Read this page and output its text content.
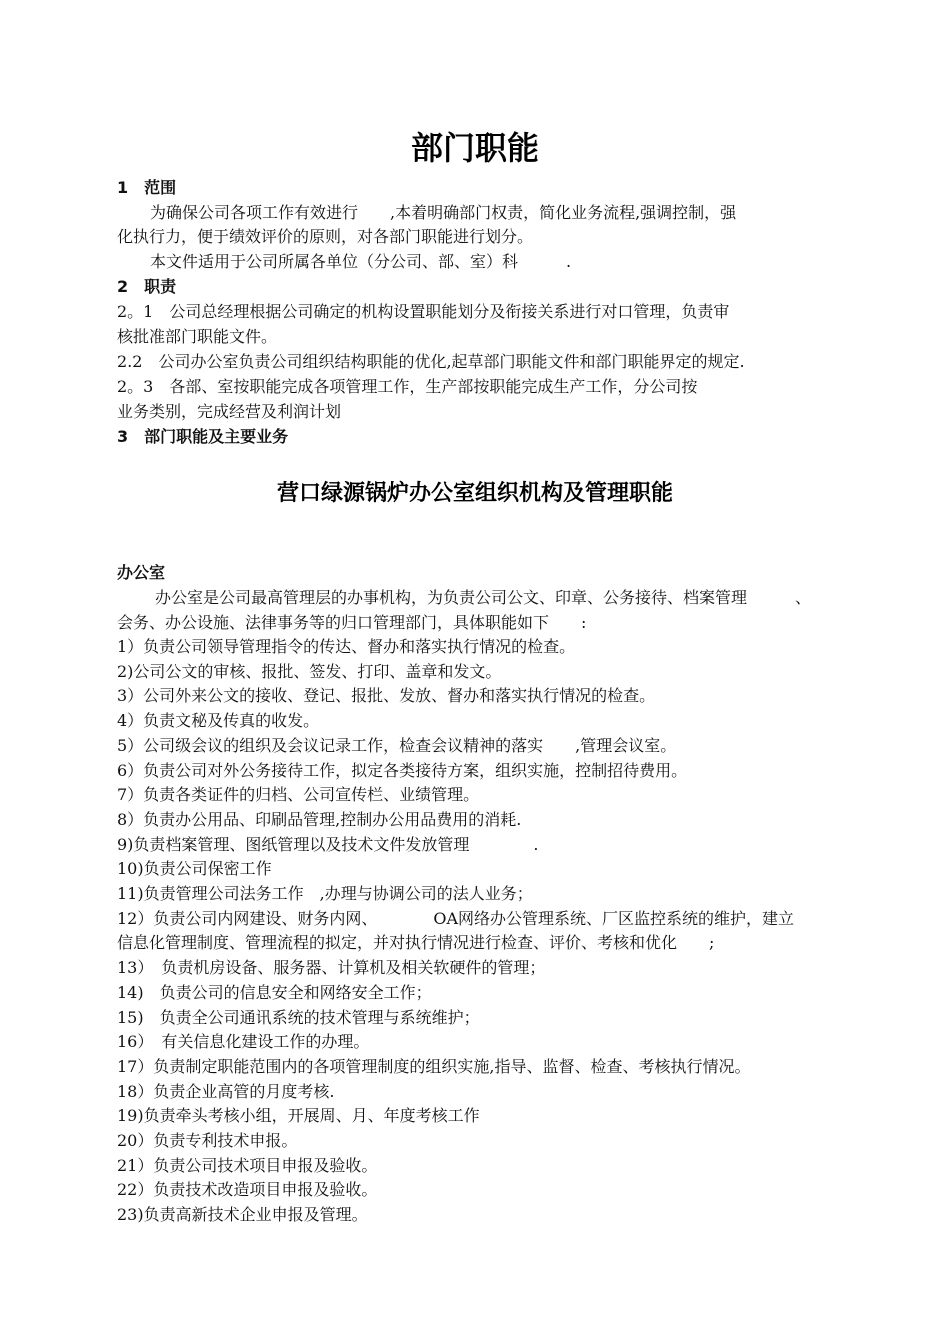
部门职能
1　范围
为确保公司各项工作有效进行　　,本着明确部门权责，简化业务流程,强调控制，强
化执行力，便于绩效评价的原则，对各部门职能进行划分。
本文件适用于公司所属各单位（分公司、部、室）科　　　.
2　职责
2。1　公司总经理根据公司确定的机构设置职能划分及衔接关系进行对口管理，负责审
核批准部门职能文件。
2.2　公司办公室负责公司组织结构职能的优化,起草部门职能文件和部门职能界定的规定.
2。3　各部、室按职能完成各项管理工作，生产部按职能完成生产工作，分公司按
业务类别，完成经营及利润计划
3　部门职能及主要业务
营口绿源锅炉办公室组织机构及管理职能
办公室
办公室是公司最高管理层的办事机构，为负责公司公文、印章、公务接待、档案管理　　　、
会务、办公设施、法律事务等的归口管理部门，具体职能如下　　:
1）负责公司领导管理指令的传达、督办和落实执行情况的检查。
2)公司公文的审核、报批、签发、打印、盖章和发文。
3）公司外来公文的接收、登记、报批、发放、督办和落实执行情况的检查。
4）负责文秘及传真的收发。
5）公司级会议的组织及会议记录工作，检查会议精神的落实　　,管理会议室。
6）负责公司对外公务接待工作，拟定各类接待方案，组织实施，控制招待费用。
7）负责各类证件的归档、公司宣传栏、业绩管理。
8）负责办公用品、印刷品管理,控制办公用品费用的消耗.
9)负责档案管理、图纸管理以及技术文件发放管理　　　　.
10)负责公司保密工作
11)负责管理公司法务工作　,办理与协调公司的法人业务；
12）负责公司内网建设、财务内网、　　　　OA网络办公管理系统、厂区监控系统的维护，建立
信息化管理制度、管理流程的拟定，并对执行情况进行检查、评价、考核和优化　　;
13）　负责机房设备、服务器、计算机及相关软硬件的管理；
14)　负责公司的信息安全和网络安全工作；
15)　负责全公司通讯系统的技术管理与系统维护；
16）　有关信息化建设工作的办理。
17）负责制定职能范围内的各项管理制度的组织实施,指导、监督、检查、考核执行情况。
18）负责企业高管的月度考核.
19)负责牵头考核小组，开展周、月、年度考核工作
20）负责专利技术申报。
21）负责公司技术项目申报及验收。
22）负责技术改造项目申报及验收。
23)负责高新技术企业申报及管理。
